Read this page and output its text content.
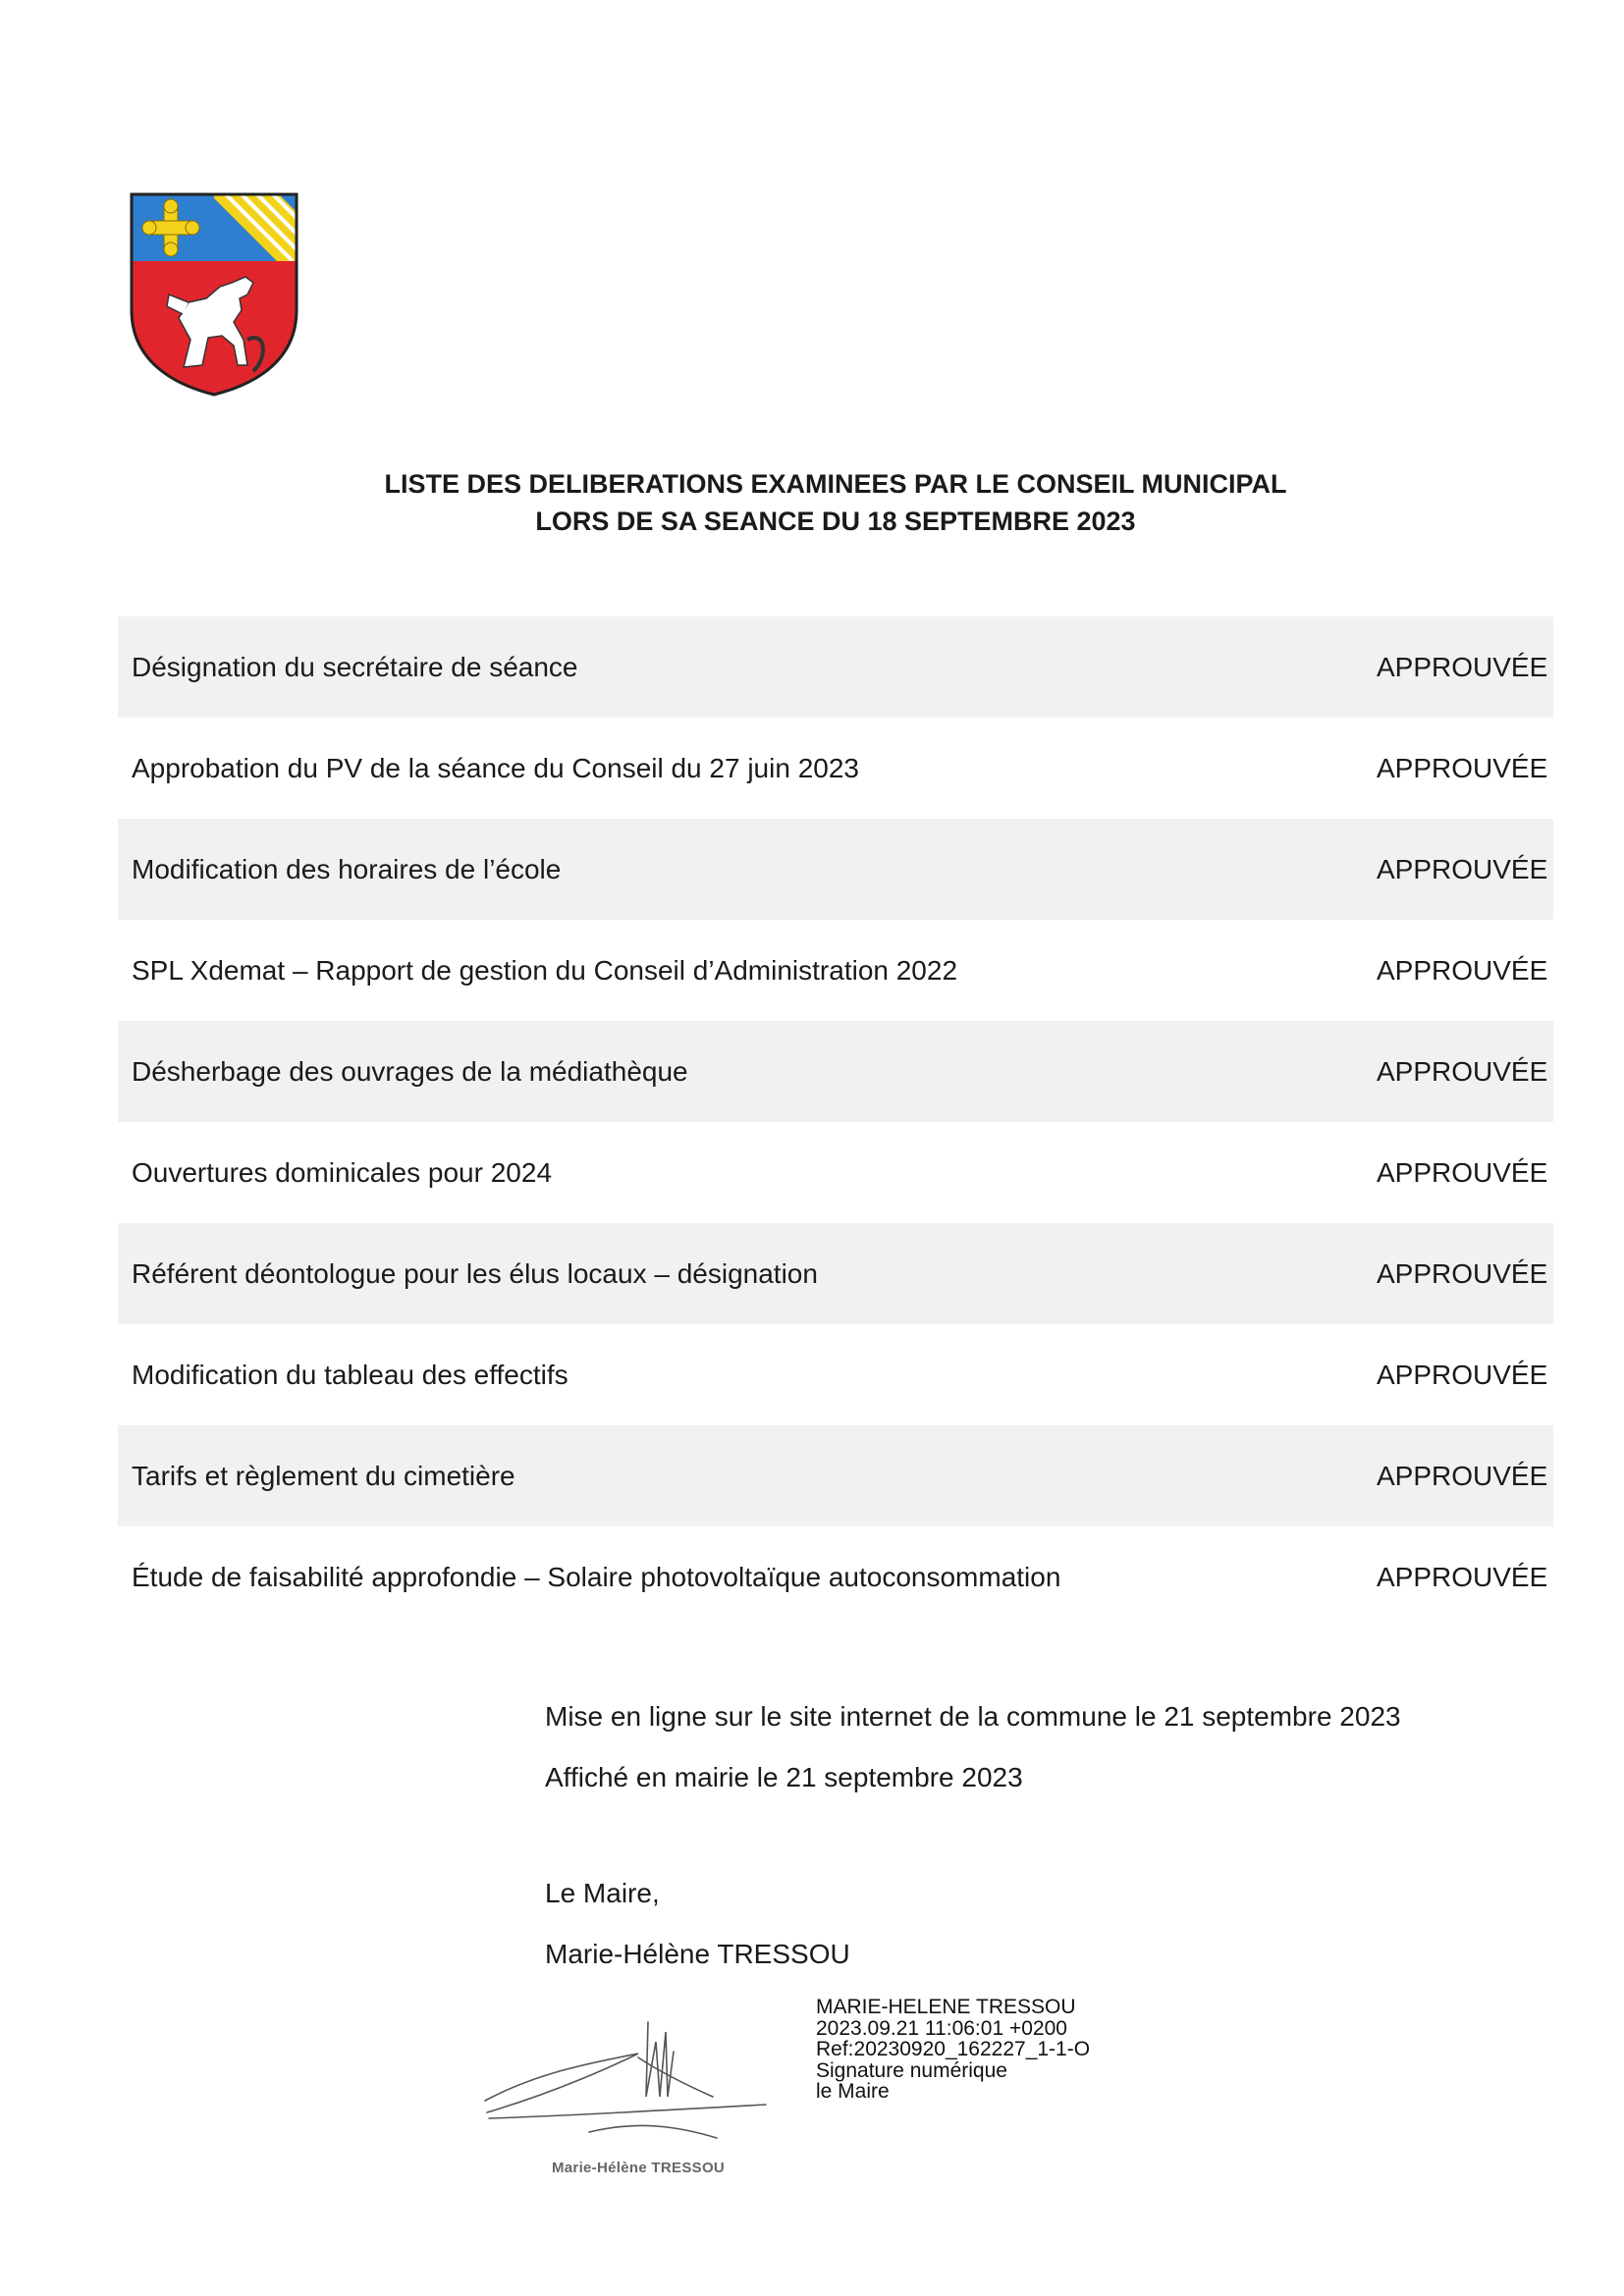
LISTE DES DELIBERATIONS EXAMINEES PAR LE CONSEIL MUNICIPAL
LORS DE SA SEANCE DU 18 SEPTEMBRE 2023
Désignation du secrétaire de séance	APPROUVÉE
Approbation du PV de la séance du Conseil du 27 juin 2023	APPROUVÉE
Modification des horaires de l’école	APPROUVÉE
SPL Xdemat – Rapport de gestion du Conseil d’Administration 2022	APPROUVÉE
Désherbage des ouvrages de la médiathèque	APPROUVÉE
Ouvertures dominicales pour 2024	APPROUVÉE
Référent déontologue pour les élus locaux – désignation	APPROUVÉE
Modification du tableau des effectifs	APPROUVÉE
Tarifs et règlement du cimetière	APPROUVÉE
Étude de faisabilité approfondie – Solaire photovoltaïque autoconsommation	APPROUVÉE
Mise en ligne sur le site internet de la commune le 21 septembre 2023
Affiché en mairie le 21 septembre 2023
Le Maire,
Marie-Hélène TRESSOU
MARIE-HELENE TRESSOU
2023.09.21 11:06:01 +0200
Ref:20230920_162227_1-1-O
Signature numérique
le Maire
Marie-Hélène TRESSOU
